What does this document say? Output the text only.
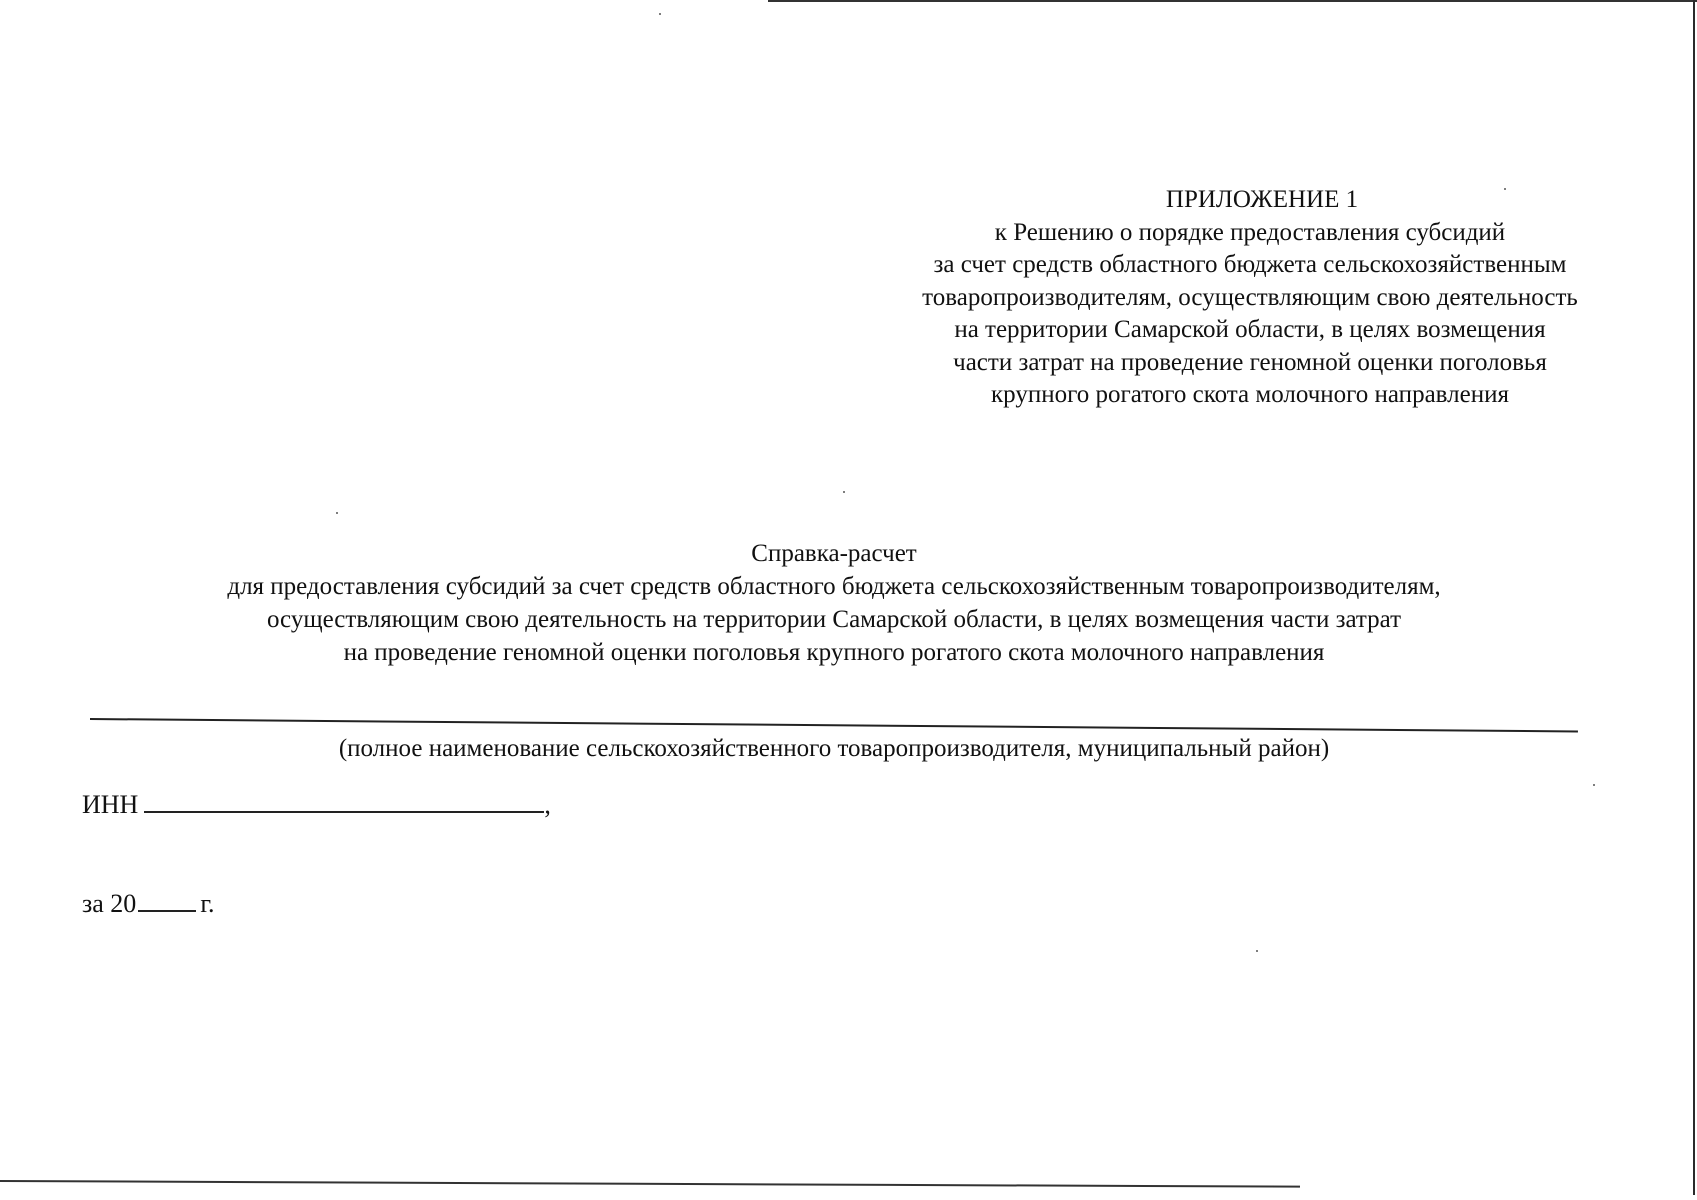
ПРИЛОЖЕНИЕ 1
к Решению о порядке предоставления субсидий
за счет средств областного бюджета сельскохозяйственным
товаропроизводителям, осуществляющим свою деятельность
на территории Самарской области, в целях возмещения
части затрат на проведение геномной оценки поголовья
крупного рогатого скота молочного направления
Справка-расчет
для предоставления субсидий за счет средств областного бюджета сельскохозяйственным товаропроизводителям,
осуществляющим свою деятельность на территории Самарской области, в целях возмещения части затрат
на проведение геномной оценки поголовья крупного рогатого скота молочного направления
(полное наименование сельскохозяйственного товаропроизводителя, муниципальный район)
ИНН	,
за 20 г.
